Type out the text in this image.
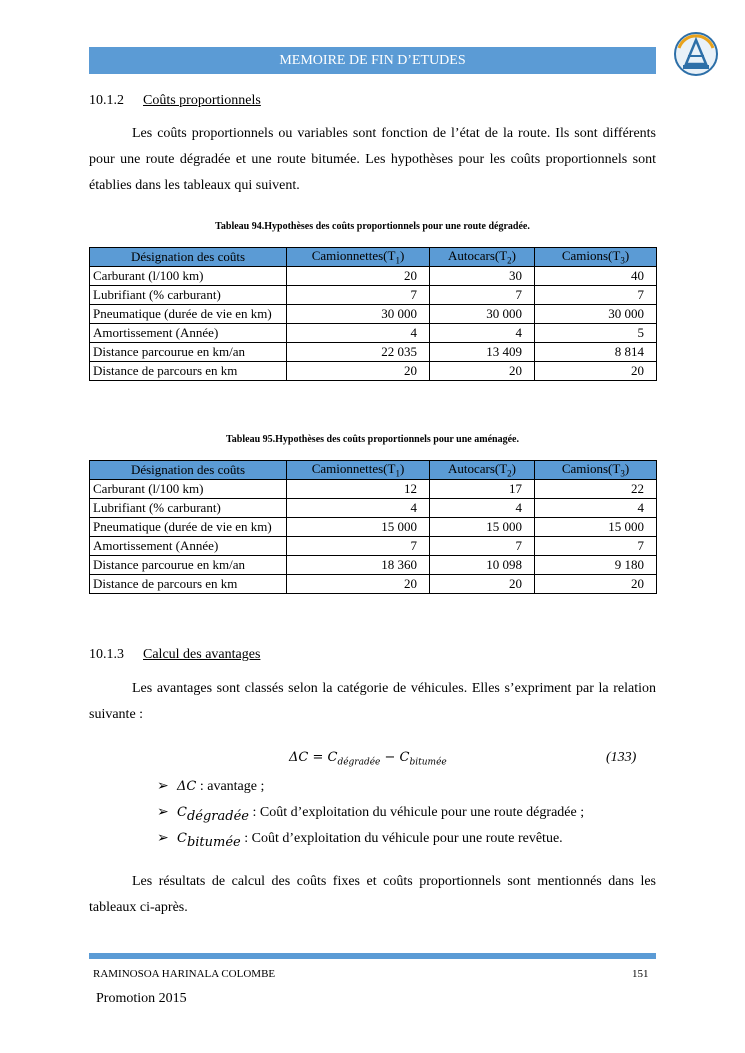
MEMOIRE DE FIN D’ETUDES
10.1.2 Coûts proportionnels

Les coûts proportionnels ou variables sont fonction de l’état de la route. Ils sont différents pour une route dégradée et une route bitumée. Les hypothèses pour les coûts proportionnels sont établies dans les tableaux qui suivent.

Tableau 94.Hypothèses des coûts proportionnels pour une route dégradée.
Désignation des coûts	$Camionnettes(T_1)$	$Autocars(T_2)$	$Camions(T_3)$
Carburant (l/100 km)	20	30	40
Lubrifiant (% carburant)	7	7	7
Pneumatique (durée de vie en km)	30 000	30 000	30 000
Amortissement (Année)	4	4	5
Distance parcourue en km/an	22 035	13 409	8 814
Distance de parcours en km	20	20	20
Tableau 95.Hypothèses des coûts proportionnels pour une aménagée.
Désignation des coûts	$Camionnettes(T_1)$	$Autocars(T_2)$	$Camions(T_3)$
Carburant (l/100 km)	12	17	22
Lubrifiant (% carburant)	4	4	4
Pneumatique (durée de vie en km)	15 000	15 000	15 000
Amortissement (Année)	7	7	7
Distance parcourue en km/an	18 360	10 098	9 180
Distance de parcours en km	20	20	20
10.1.3 Calcul des avantages

Les avantages sont classés selon la catégorie de véhicules. Elles s’expriment par la relation suivante :

$\Delta C = C_{dégradée} - C_{bitumée}$	(133)
➢ ΔC : avantage ;
➢ $C_{dégradée}$ : Coût d’exploitation du véhicule pour une route dégradée ;
➢ $C_{bitumée}$ : Coût d’exploitation du véhicule pour une route revêtue.

Les résultats de calcul des coûts fixes et coûts proportionnels sont mentionnés dans les tableaux ci-après.

RAMINOSOA HARINALA COLOMBE	151
Promotion 2015
